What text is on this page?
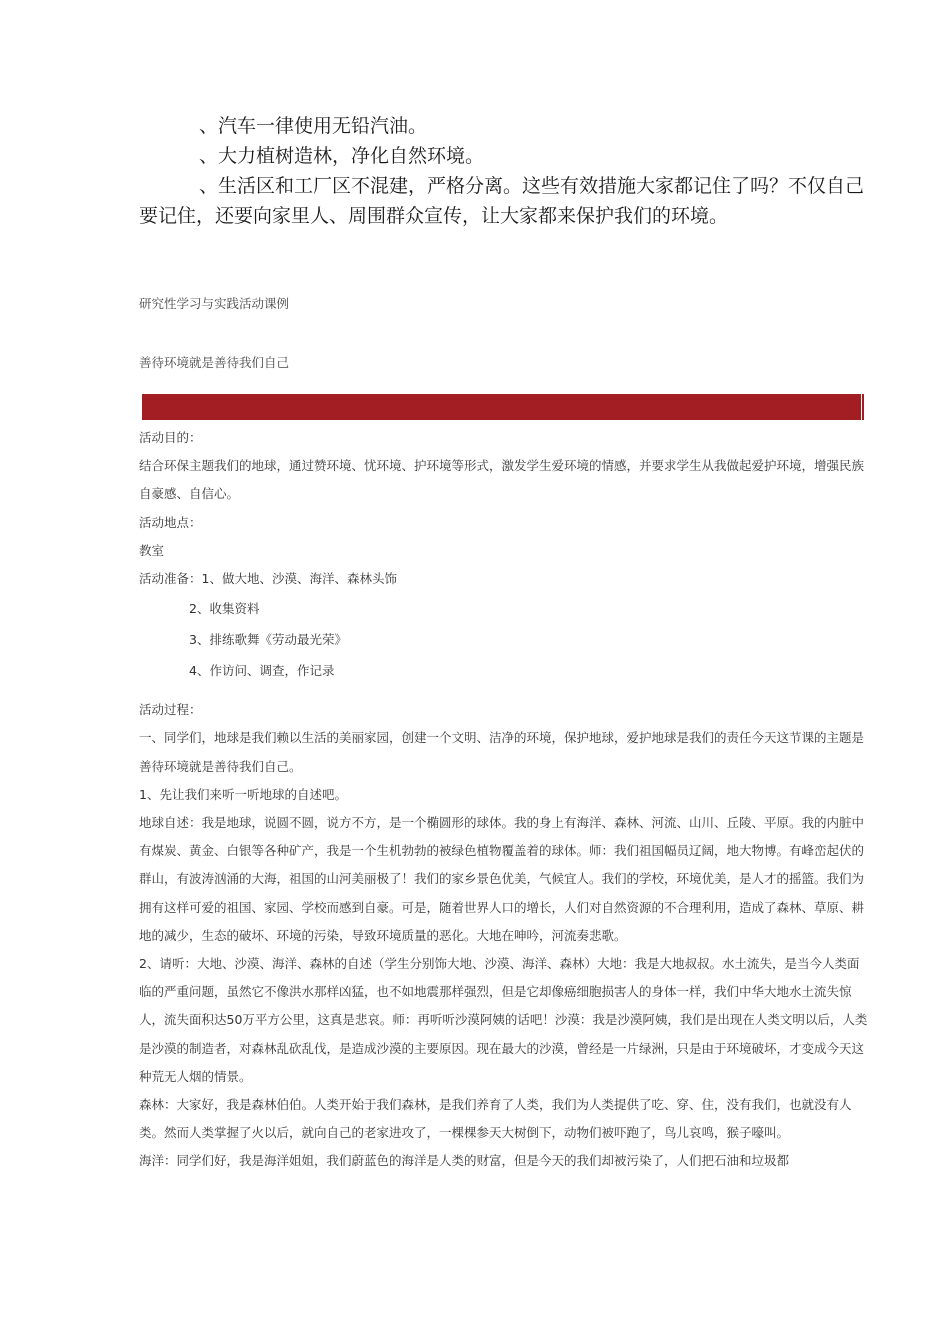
、汽车一律使用无铅汽油。

、大力植树造林，净化自然环境。

、生活区和工厂区不混建，严格分离。这些有效措施大家都记住了吗？不仅自己要记住，还要向家里人、周围群众宣传，让大家都来保护我们的环境。

研究性学习与实践活动课例
善待环境就是善待我们自己

活动目的：

结合环保主题我们的地球，通过赞环境、忧环境、护环境等形式，激发学生爱环境的情感，并要求学生从我做起爱护环境，增强民族自豪感、自信心。

活动地点：

教室

活动准备：1、做大地、沙漠、海洋、森林头饰

2、收集资料

3、排练歌舞《劳动最光荣》

4、作访问、调查，作记录

活动过程：

一、同学们，地球是我们赖以生活的美丽家园，创建一个文明、洁净的环境，保护地球，爱护地球是我们的责任今天这节课的主题是善待环境就是善待我们自己。

1、先让我们来听一听地球的自述吧。

地球自述：我是地球，说圆不圆，说方不方，是一个椭圆形的球体。我的身上有海洋、森林、河流、山川、丘陵、平原。我的内脏中有煤炭、黄金、白银等各种矿产，我是一个生机勃勃的被绿色植物覆盖着的球体。师：我们祖国幅员辽阔，地大物博。有峰峦起伏的群山，有波涛汹涌的大海，祖国的山河美丽极了！我们的家乡景色优美，气候宜人。我们的学校，环境优美，是人才的摇篮。我们为拥有这样可爱的祖国、家园、学校而感到自豪。可是，随着世界人口的增长，人们对自然资源的不合理利用，造成了森林、草原、耕地的减少，生态的破坏、环境的污染，导致环境质量的恶化。大地在呻吟，河流奏悲歌。

2、请听：大地、沙漠、海洋、森林的自述（学生分别饰大地、沙漠、海洋、森林）大地：我是大地叔叔。水土流失，是当今人类面临的严重问题，虽然它不像洪水那样凶猛，也不如地震那样强烈，但是它却像癌细胞损害人的身体一样，我们中华大地水土流失惊人，流失面积达50万平方公里，这真是悲哀。师：再听听沙漠阿姨的话吧！沙漠：我是沙漠阿姨，我们是出现在人类文明以后，人类是沙漠的制造者，对森林乱砍乱伐，是造成沙漠的主要原因。现在最大的沙漠，曾经是一片绿洲，只是由于环境破坏，才变成今天这种荒无人烟的情景。

森林：大家好，我是森林伯伯。人类开始于我们森林，是我们养育了人类，我们为人类提供了吃、穿、住，没有我们，也就没有人类。然而人类掌握了火以后，就向自己的老家进攻了，一棵棵参天大树倒下，动物们被吓跑了，鸟儿哀鸣，猴子嚎叫。

海洋：同学们好，我是海洋姐姐，我们蔚蓝色的海洋是人类的财富，但是今天的我们却被污染了，人们把石油和垃圾都
